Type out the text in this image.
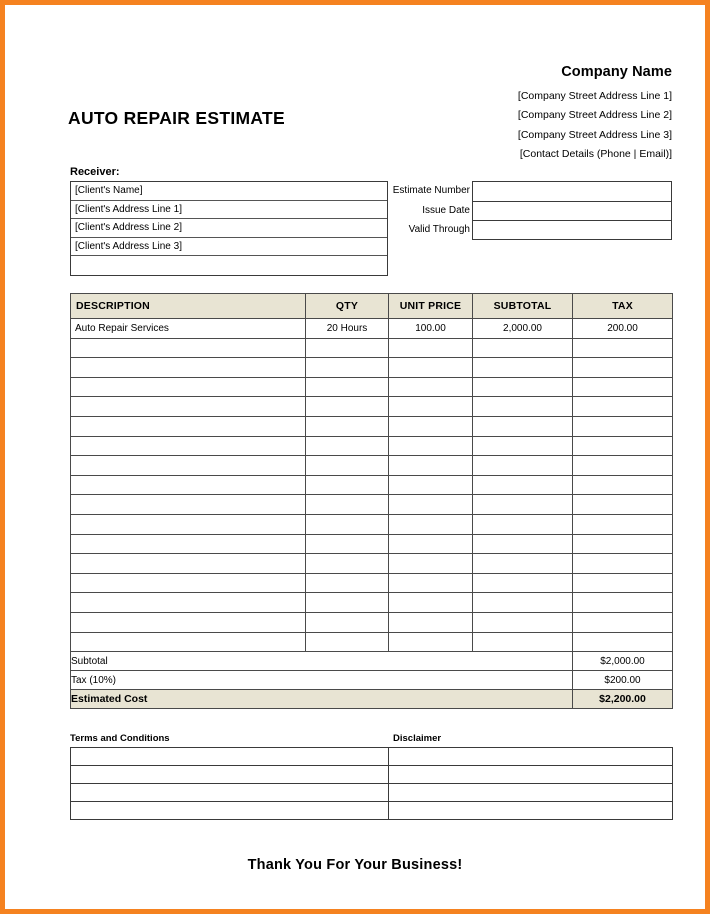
Company Name
[Company Street Address Line 1]
[Company Street Address Line 2]
[Company Street Address Line 3]
[Contact Details (Phone | Email)]
AUTO REPAIR ESTIMATE
Receiver:
[Client's Name]
[Client's Address Line 1]
[Client's Address Line 2]
[Client's Address Line 3]
Estimate Number
Issue Date
Valid Through
DESCRIPTION	QTY	UNIT PRICE	SUBTOTAL	TAX
Auto Repair Services	20 Hours	100.00	2,000.00	200.00

Subtotal				$2,000.00
Tax (10%)				$200.00
Estimated Cost				$2,200.00
Terms and Conditions	Disclaimer

Thank You For Your Business!
